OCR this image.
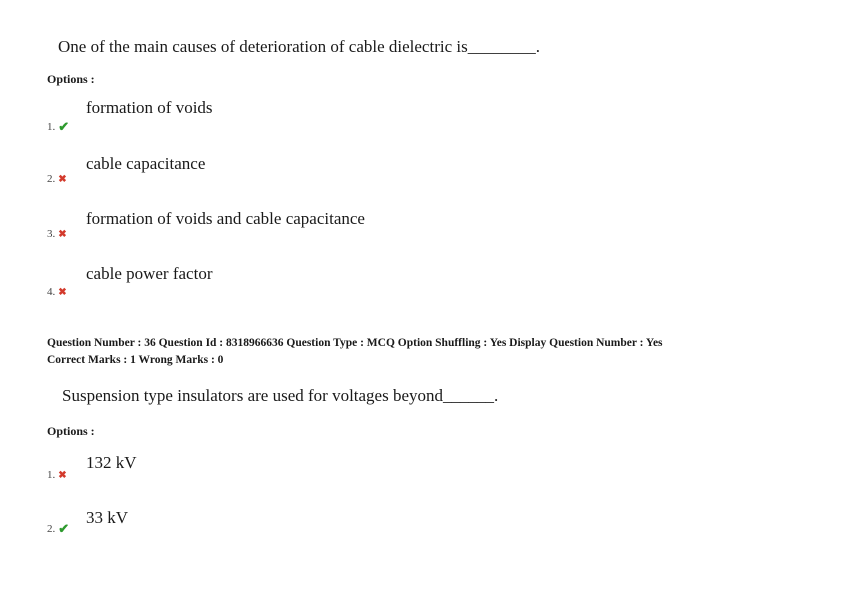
One of the main causes of deterioration of cable dielectric is________.
Options :
formation of voids
1. ✔
cable capacitance
2. ✖
formation of voids and cable capacitance
3. ✖
cable power factor
4. ✖
Question Number : 36 Question Id : 8318966636 Question Type : MCQ Option Shuffling : Yes Display Question Number : Yes
Correct Marks : 1 Wrong Marks : 0
Suspension type insulators are used for voltages beyond______.
Options :
132 kV
1. ✖
33 kV
2. ✔
